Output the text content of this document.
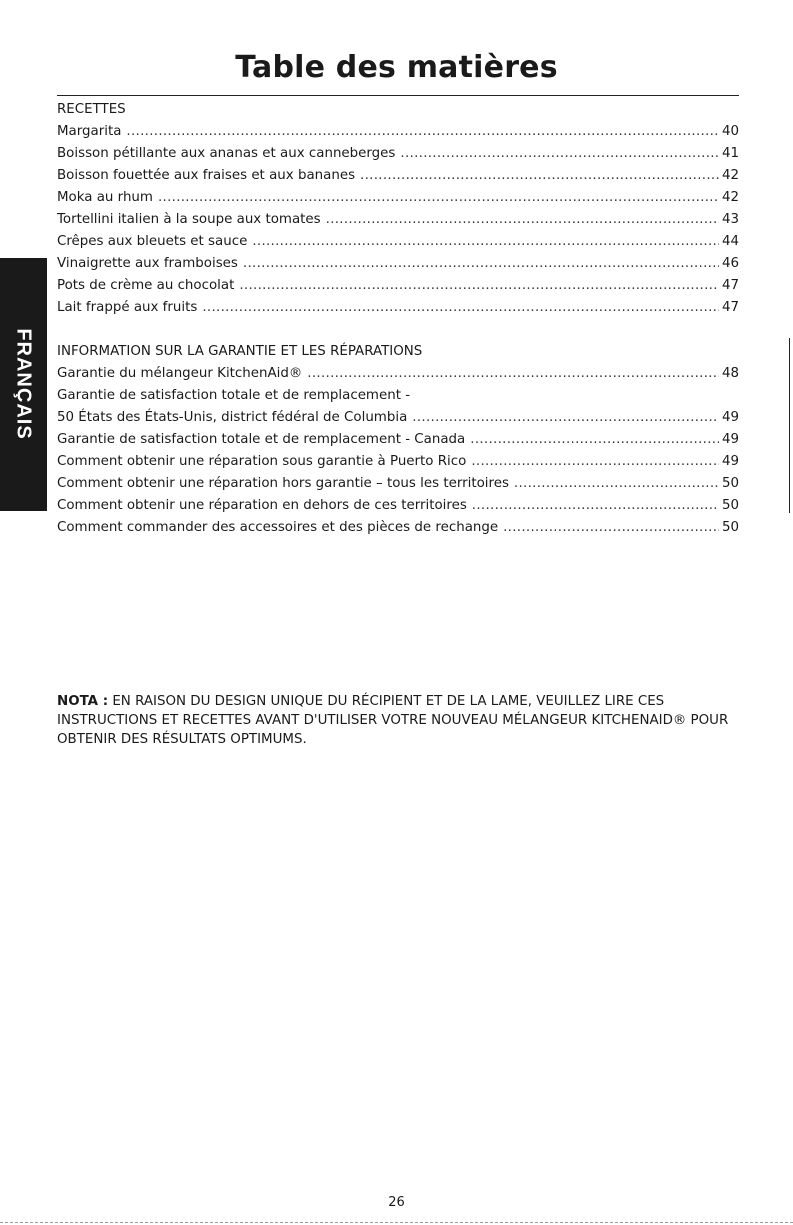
Table des matières
FRANÇAIS
RECETTES
Margarita .....	40
Boisson pétillante aux ananas et aux canneberges .....	41
Boisson fouettée aux fraises et aux bananes .....	42
Moka au rhum .....	42
Tortellini italien à la soupe aux tomates .....	43
Crêpes aux bleuets et sauce .....	44
Vinaigrette aux framboises .....	46
Pots de crème au chocolat .....	47
Lait frappé aux fruits .....	47
INFORMATION SUR LA GARANTIE ET LES RÉPARATIONS
Garantie du mélangeur KitchenAid® .....	48
Garantie de satisfaction totale et de remplacement -
50 États des États-Unis, district fédéral de Columbia .....	49
Garantie de satisfaction totale et de remplacement - Canada .....	49
Comment obtenir une réparation sous garantie à Puerto Rico .....	49
Comment obtenir une réparation hors garantie – tous les territoires .....	50
Comment obtenir une réparation en dehors de ces territoires .....	50
Comment commander des accessoires et des pièces de rechange .....	50

NOTA : EN RAISON DU DESIGN UNIQUE DU RÉCIPIENT ET DE LA LAME, VEUILLEZ LIRE CES INSTRUCTIONS ET RECETTES AVANT D'UTILISER VOTRE NOUVEAU MÉLANGEUR KITCHENAID® POUR OBTENIR DES RÉSULTATS OPTIMUMS.

26
